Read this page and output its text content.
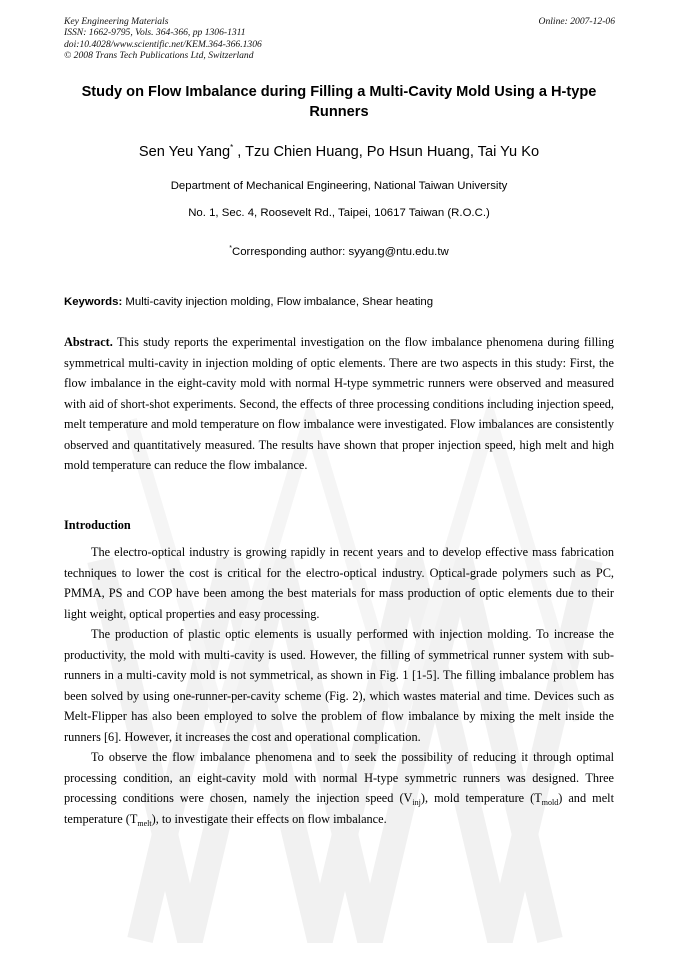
Key Engineering Materials
ISSN: 1662-9795, Vols. 364-366, pp 1306-1311
doi:10.4028/www.scientific.net/KEM.364-366.1306
© 2008 Trans Tech Publications Ltd, Switzerland
Online: 2007-12-06
Study on Flow Imbalance during Filling a Multi-Cavity Mold Using a H-type Runners
Sen Yeu Yang* , Tzu Chien Huang, Po Hsun Huang, Tai Yu Ko
Department of Mechanical Engineering, National Taiwan University
No. 1, Sec. 4, Roosevelt Rd., Taipei, 10617 Taiwan (R.O.C.)
*Corresponding author: syyang@ntu.edu.tw
Keywords: Multi-cavity injection molding, Flow imbalance, Shear heating

Abstract. This study reports the experimental investigation on the flow imbalance phenomena during filling symmetrical multi-cavity in injection molding of optic elements. There are two aspects in this study: First, the flow imbalance in the eight-cavity mold with normal H-type symmetric runners were observed and measured with aid of short-shot experiments. Second, the effects of three processing conditions including injection speed, melt temperature and mold temperature on flow imbalance were investigated. Flow imbalances are consistently observed and quantitatively measured. The results have shown that proper injection speed, high melt and high mold temperature can reduce the flow imbalance.

Introduction

The electro-optical industry is growing rapidly in recent years and to develop effective mass fabrication techniques to lower the cost is critical for the electro-optical industry. Optical-grade polymers such as PC, PMMA, PS and COP have been among the best materials for mass production of optic elements due to their light weight, optical properties and easy processing.

The production of plastic optic elements is usually performed with injection molding. To increase the productivity, the mold with multi-cavity is used. However, the filling of symmetrical runner system with sub-runners in a multi-cavity mold is not symmetrical, as shown in Fig. 1 [1-5]. The filling imbalance problem has been solved by using one-runner-per-cavity scheme (Fig. 2), which wastes material and time. Devices such as Melt-Flipper has also been employed to solve the problem of flow imbalance by mixing the melt inside the runners [6]. However, it increases the cost and operational complication.

To observe the flow imbalance phenomena and to seek the possibility of reducing it through optimal processing condition, an eight-cavity mold with normal H-type symmetric runners was designed. Three processing conditions were chosen, namely the injection speed $(V_{inj})$, mold temperature $(T_{mold})$ and melt temperature $(T_{melt})$, to investigate their effects on flow imbalance.
